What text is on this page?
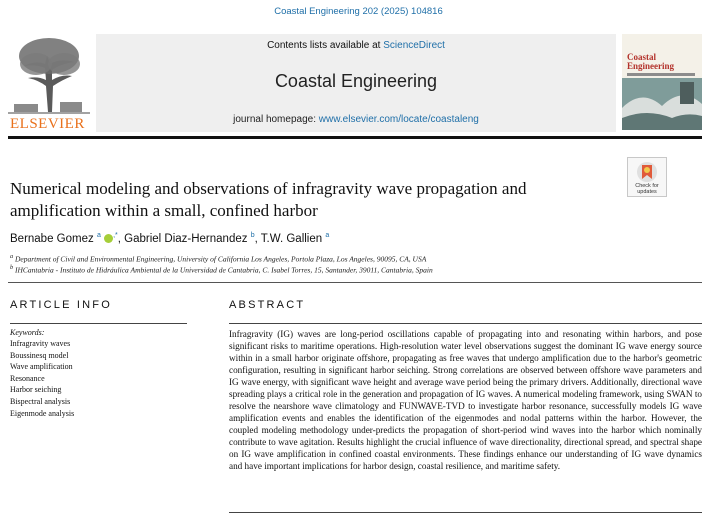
Coastal Engineering 202 (2025) 104816
ELSEVIER
Contents lists available at ScienceDirect
Coastal Engineering
journal homepage: www.elsevier.com/locate/coastaleng
Coastal
Engineering
Check for updates
Numerical modeling and observations of infragravity wave propagation and amplification within a small, confined harbor
Bernabe Gomez $^a$ ,*, Gabriel Diaz-Hernandez $^b$, T.W. Gallien $^a$
$^a$ Department of Civil and Environmental Engineering, University of California Los Angeles, Portola Plaza, Los Angeles, 90095, CA, USA
$^b$ IHCantabria - Instituto de Hidráulica Ambiental de la Universidad de Cantabria, C. Isabel Torres, 15, Santander, 39011, Cantabria, Spain
ARTICLE INFO	ABSTRACT
Keywords:
Infragravity waves
Boussinesq model
Wave amplification
Resonance
Harbor seiching
Bispectral analysis
Eigenmode analysis

Infragravity (IG) waves are long-period oscillations capable of propagating into and resonating within harbors, and pose significant risks to maritime operations. High-resolution water level observations suggest the dominant IG wave energy source within in a small harbor originate offshore, propagating as free waves that undergo amplification due to the harbor's geometric configuration, resulting in significant harbor seiching. Strong correlations are observed between offshore wave parameters and IG wave energy, with significant wave height and average wave period being the primary drivers. Additionally, directional wave spreading plays a critical role in the generation and propagation of IG waves. A numerical modeling framework, using SWAN to resolve the nearshore wave climatology and FUNWAVE-TVD to investigate harbor resonance, successfully models IG wave amplification events and enables the identification of the eigenmodes and nodal patterns within the harbor. However, the coupled modeling methodology under-predicts the propagation of short-period wind waves into the harbor which nominally contribute to wave agitation. Results highlight the crucial influence of wave directionality, directional spread, and spectral shape on IG wave amplification in confined coastal environments. These findings enhance our understanding of IG wave dynamics and have important implications for harbor design, coastal resilience, and maritime safety.
